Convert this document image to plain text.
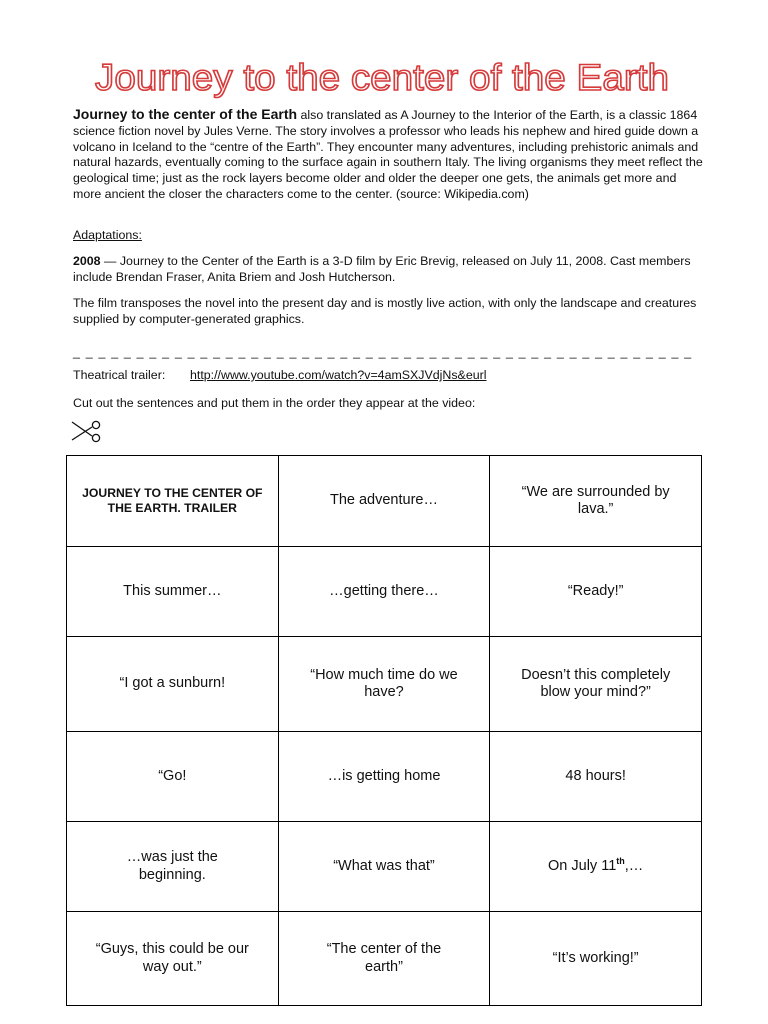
Journey to the center of the Earth
Journey to the center of the Earth also translated as A Journey to the Interior of the Earth, is a classic 1864 science fiction novel by Jules Verne. The story involves a professor who leads his nephew and hired guide down a volcano in Iceland to the “centre of the Earth”. They encounter many adventures, including prehistoric animals and natural hazards, eventually coming to the surface again in southern Italy. The living organisms they meet reflect the geological time; just as the rock layers become older and older the deeper one gets, the animals get more and more ancient the closer the characters come to the center. (source: Wikipedia.com)
Adaptations:
2008 — Journey to the Center of the Earth is a 3-D film by Eric Brevig, released on July 11, 2008. Cast members include Brendan Fraser, Anita Briem and Josh Hutcherson.
The film transposes the novel into the present day and is mostly live action, with only the landscape and creatures supplied by computer-generated graphics.
_ _ _ _ _ _ _ _ _ _ _ _ _ _ _ _ _ _ _ _ _ _ _ _ _ _ _ _ _ _ _ _ _ _ _ _ _ _ _ _ _ _ _ _ _ _ _ _ _
Theatrical trailer: http://www.youtube.com/watch?v=4amSXJVdjNs&eurl
Cut out the sentences and put them in the order they appear at the video:
JOURNEY TO THE CENTER OF THE EARTH. TRAILER	The adventure…	“We are surrounded by lava.”
This summer…	…getting there…	“Ready!”
“I got a sunburn!	“How much time do we have?	Doesn’t this completely blow your mind?”
“Go!	…is getting home	48 hours!
…was just the beginning.	“What was that”	On July 11th,…
“Guys, this could be our way out.”	“The center of the earth”	“It’s working!”
